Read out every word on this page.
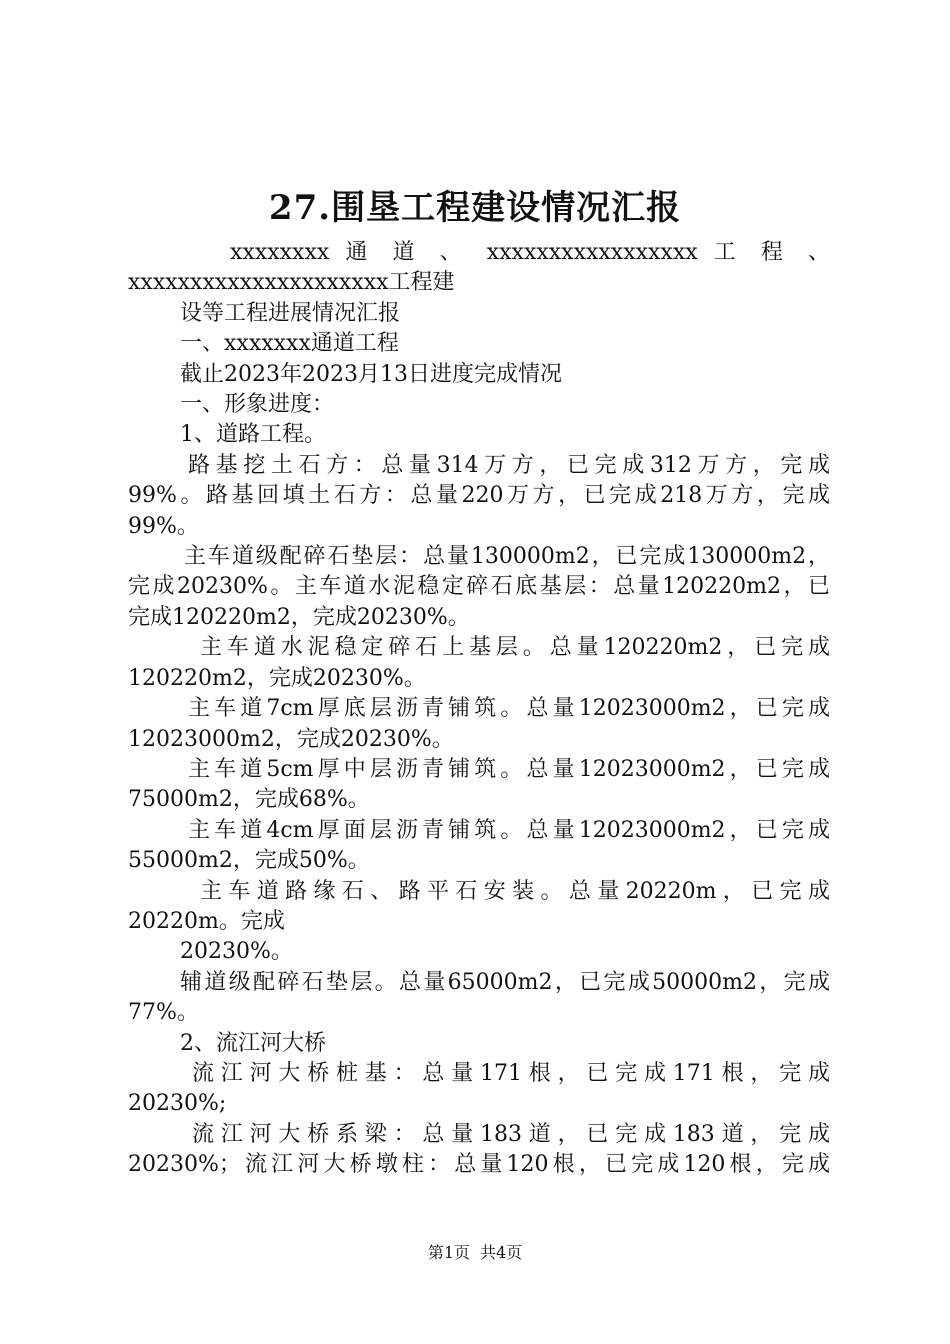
27.围垦工程建设情况汇报

xxxxxxxx 通 道 、 xxxxxxxxxxxxxxxxx 工 程 、

xxxxxxxxxxxxxxxxxxxxx工程建

设等工程进展情况汇报

一、xxxxxxx通道工程

截止2023年2023月13日进度完成情况

一、形象进度：

1、道路工程。

路基挖土石方：总量314万方，已完成312万方，完成

99%。路基回填土石方：总量220万方，已完成218万方，完成

99%。

主车道级配碎石垫层：总量130000m2，已完成130000m2，

完成20230%。主车道水泥稳定碎石底基层：总量120220m2，已

完成120220m2，完成20230%。

主车道水泥稳定碎石上基层。总量120220m2，已完成

120220m2，完成20230%。

主车道7cm厚底层沥青铺筑。总量12023000m2，已完成

12023000m2，完成20230%。

主车道5cm厚中层沥青铺筑。总量12023000m2，已完成

75000m2，完成68%。

主车道4cm厚面层沥青铺筑。总量12023000m2，已完成

55000m2，完成50%。

主车道路缘石、路平石安装。总量20220m，已完成

20220m。完成

20230%。

辅道级配碎石垫层。总量65000m2，已完成50000m2，完成

77%。

2、流江河大桥

流江河大桥桩基：总量171根，已完成171根，完成

20230%;

流江河大桥系梁：总量183道，已完成183道，完成

20230%；流江河大桥墩柱：总量120根，已完成120根，完成

第1页 共4页
